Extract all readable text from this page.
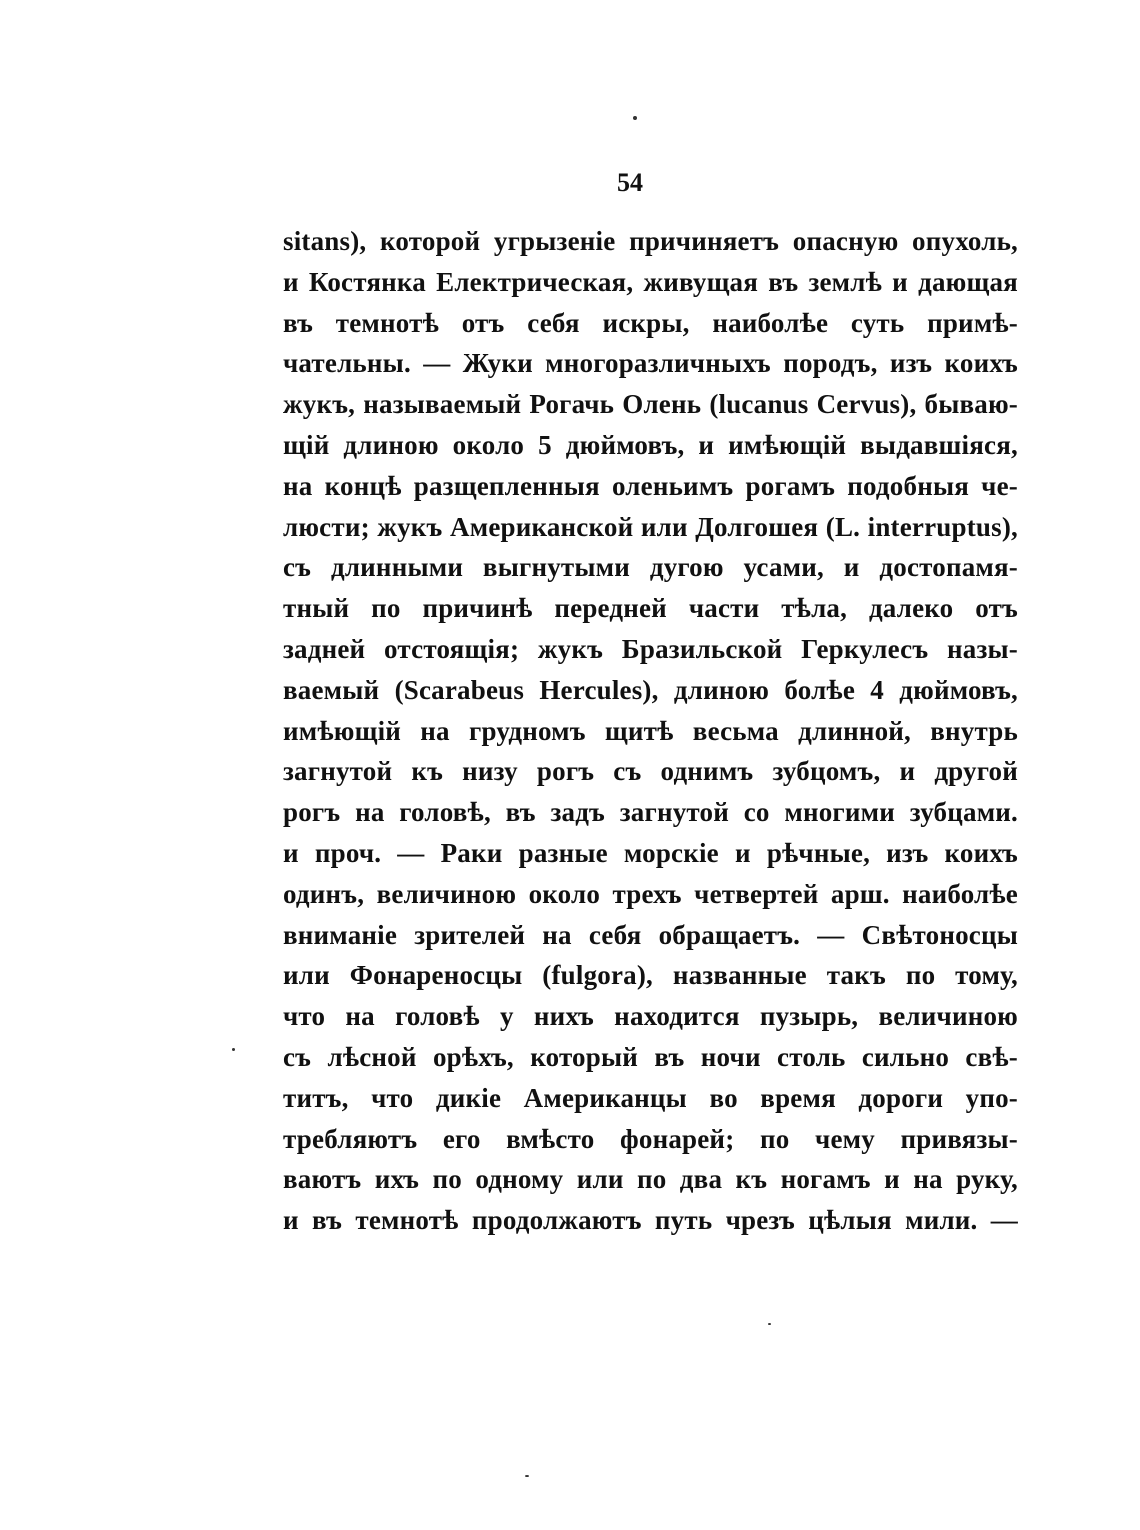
54
sitans), которой угрызеніе причиняетъ опасную опухоль,
и Костянка Електрическая, живущая въ землѣ и дающая
въ темнотѣ отъ себя искры, наиболѣе суть примѣ-
чательны. — Жуки многоразличныхъ породъ, изъ коихъ
жукъ, называемый Рогачь Олень (lucanus Cervus), бываю-
щій длиною около 5 дюймовъ, и имѣющій выдавшіяся,
на концѣ разщепленныя оленьимъ рогамъ подобныя че-
люсти; жукъ Американской или Долгошея (L. interruptus),
съ длинными выгнутыми дугою усами, и достопамя-
тный по причинѣ передней части тѣла, далеко отъ
задней отстоящія; жукъ Бразильской Геркулесъ назы-
ваемый (Scarabeus Hercules), длиною болѣе 4 дюймовъ,
имѣющій на грудномъ щитѣ весьма длинной, внутрь
загнутой къ низу рогъ съ однимъ зубцомъ, и другой
рогъ на головѣ, въ задъ загнутой со многими зубцами.
и проч. — Раки разные морскіе и рѣчные, изъ коихъ
одинъ, величиною около трехъ четвертей арш. наиболѣе
вниманіе зрителей на себя обращаетъ. — Свѣтоносцы
или Фонареносцы (fulgora), названные такъ по тому,
что на головѣ у нихъ находится пузырь, величиною
съ лѣсной орѣхъ, который въ ночи столь сильно свѣ-
титъ, что дикіе Американцы во время дороги упо-
требляютъ его вмѣсто фонарей; по чему привязы-
ваютъ ихъ по одному или по два къ ногамъ и на руку,
и въ темнотѣ продолжаютъ путь чрезъ цѣлыя мили. —
